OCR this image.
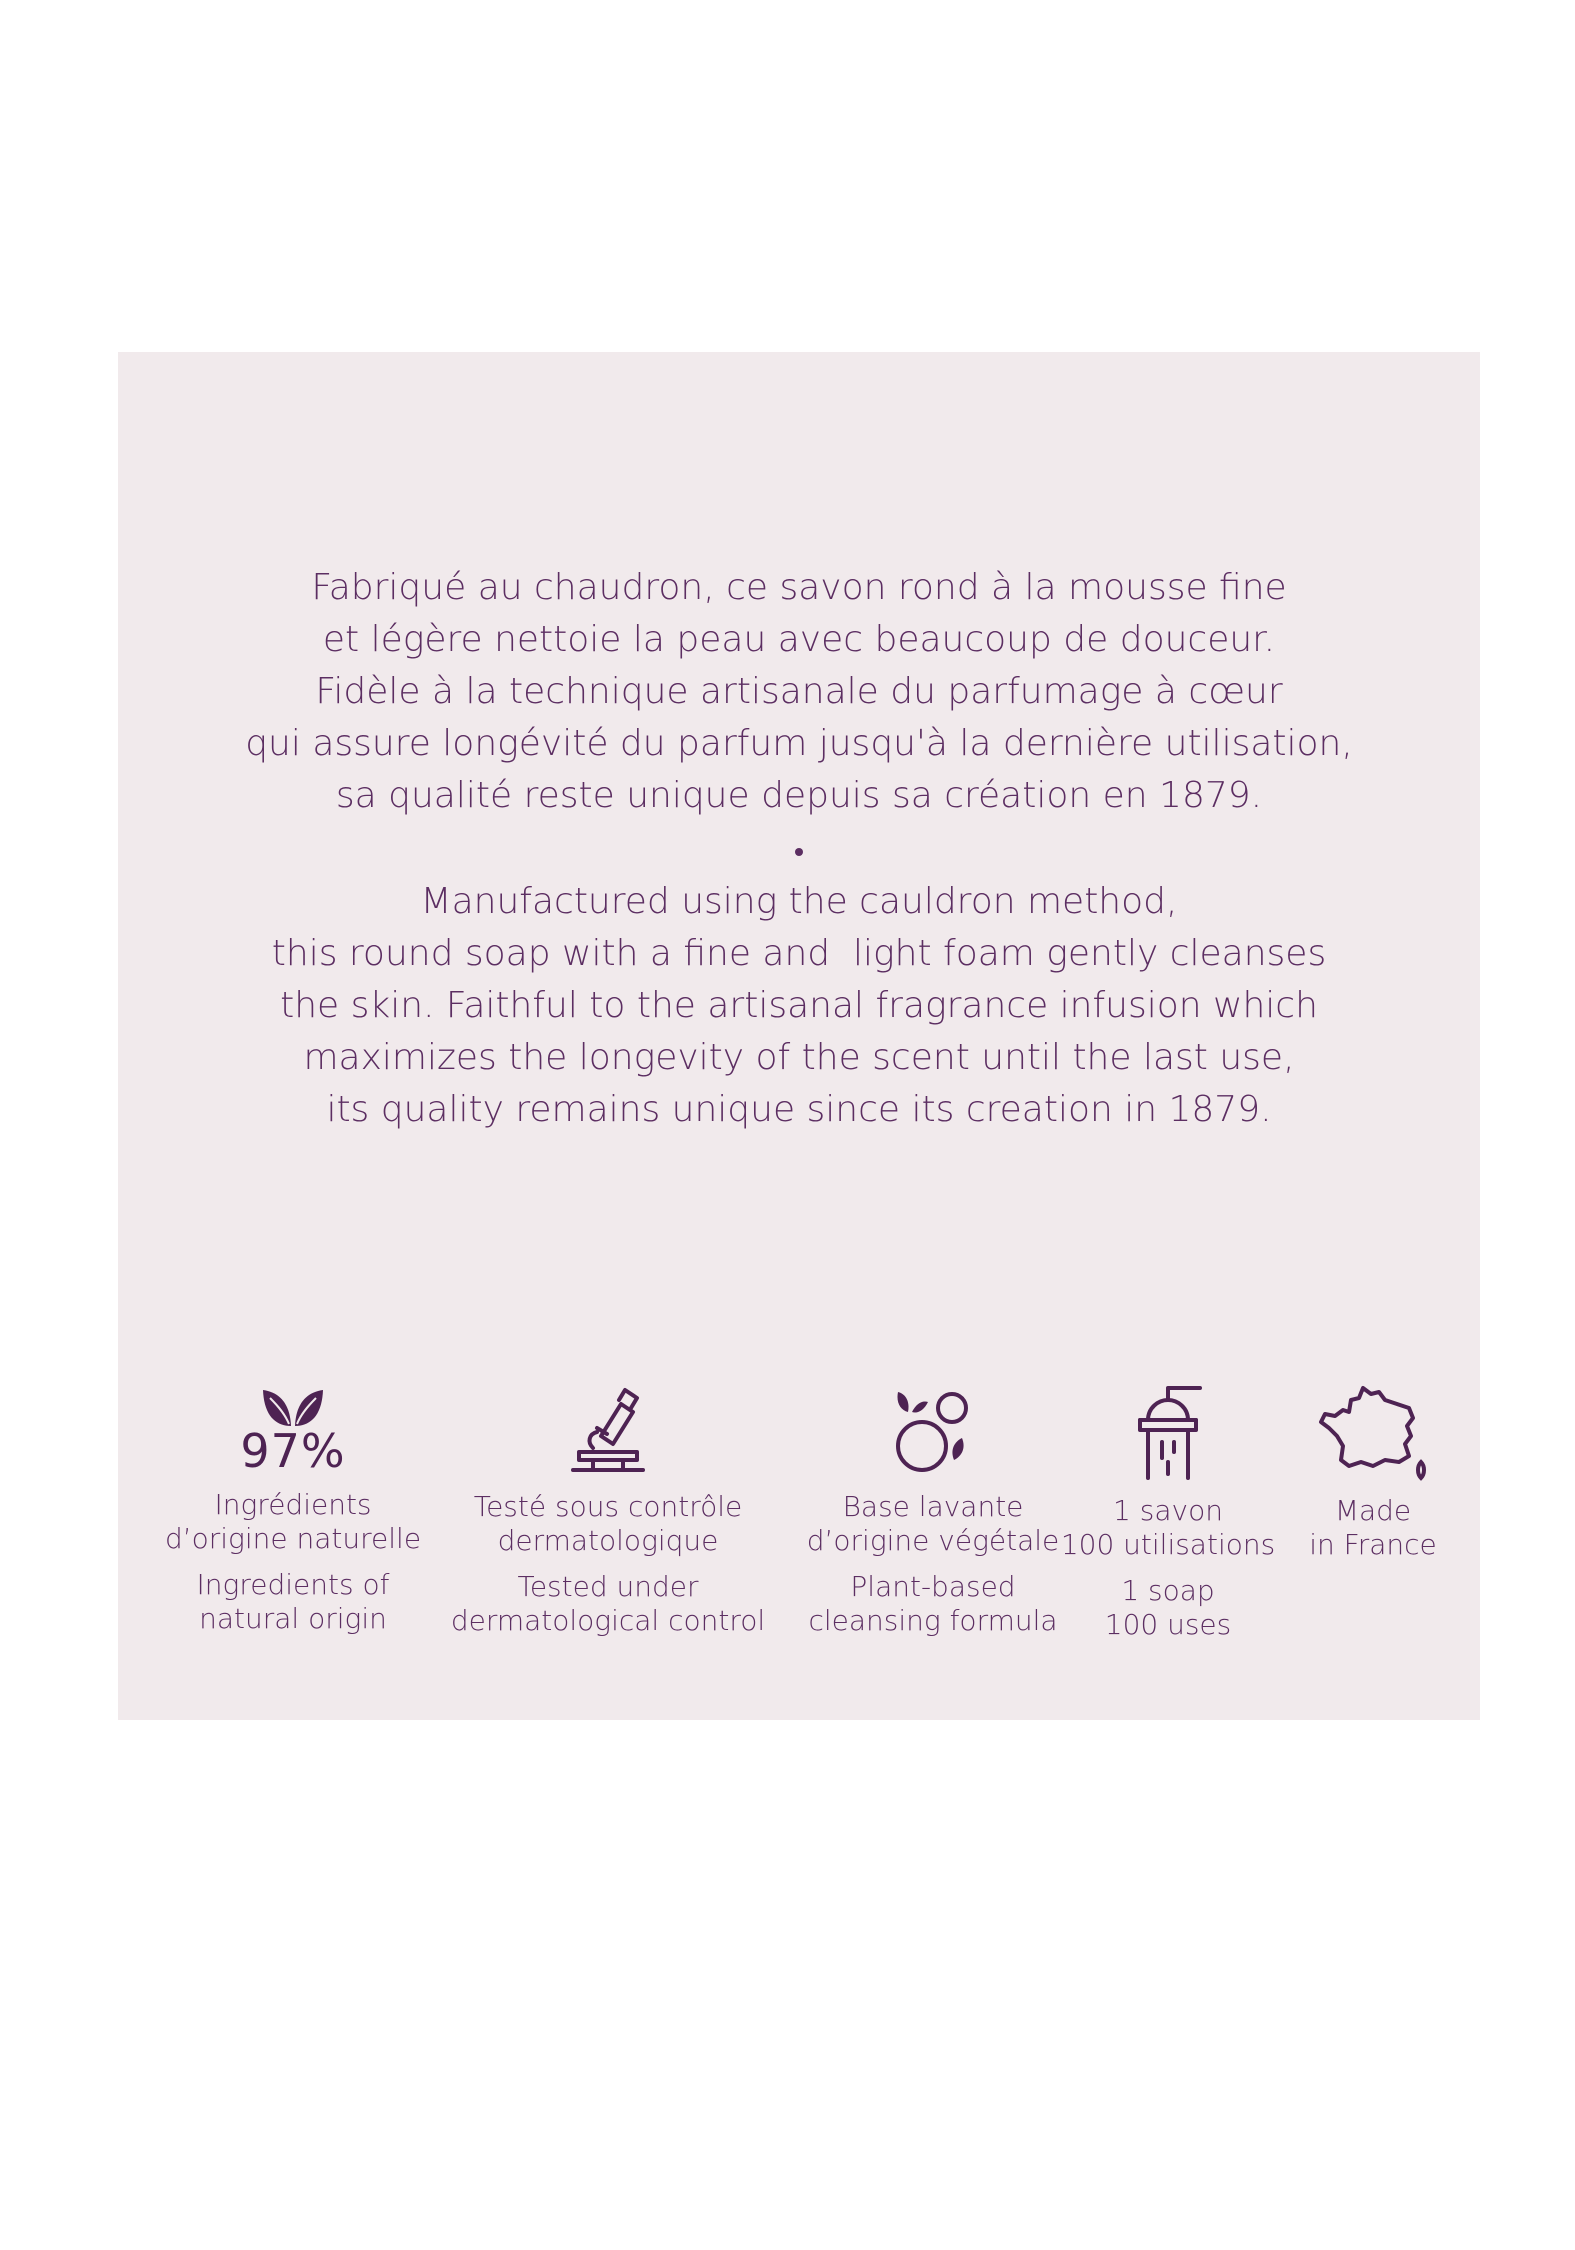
Fabriqué au chaudron, ce savon rond à la mousse fine
et légère nettoie la peau avec beaucoup de douceur.
Fidèle à la technique artisanale du parfumage à cœur
qui assure longévité du parfum jusqu'à la dernière utilisation,
sa qualité reste unique depuis sa création en 1879.
Manufactured using the cauldron method,
this round soap with a fine and  light foam gently cleanses
the skin. Faithful to the artisanal fragrance infusion which
maximizes the longevity of the scent until the last use,
its quality remains unique since its creation in 1879.
97%
Ingrédients
d’origine naturelle
Ingredients of
natural origin
Testé sous contrôle
dermatologique
Tested under
dermatological control
Base lavante
d’origine végétale
Plant-based
cleansing formula
1 savon
100 utilisations
1 soap
100 uses
Made
in France
